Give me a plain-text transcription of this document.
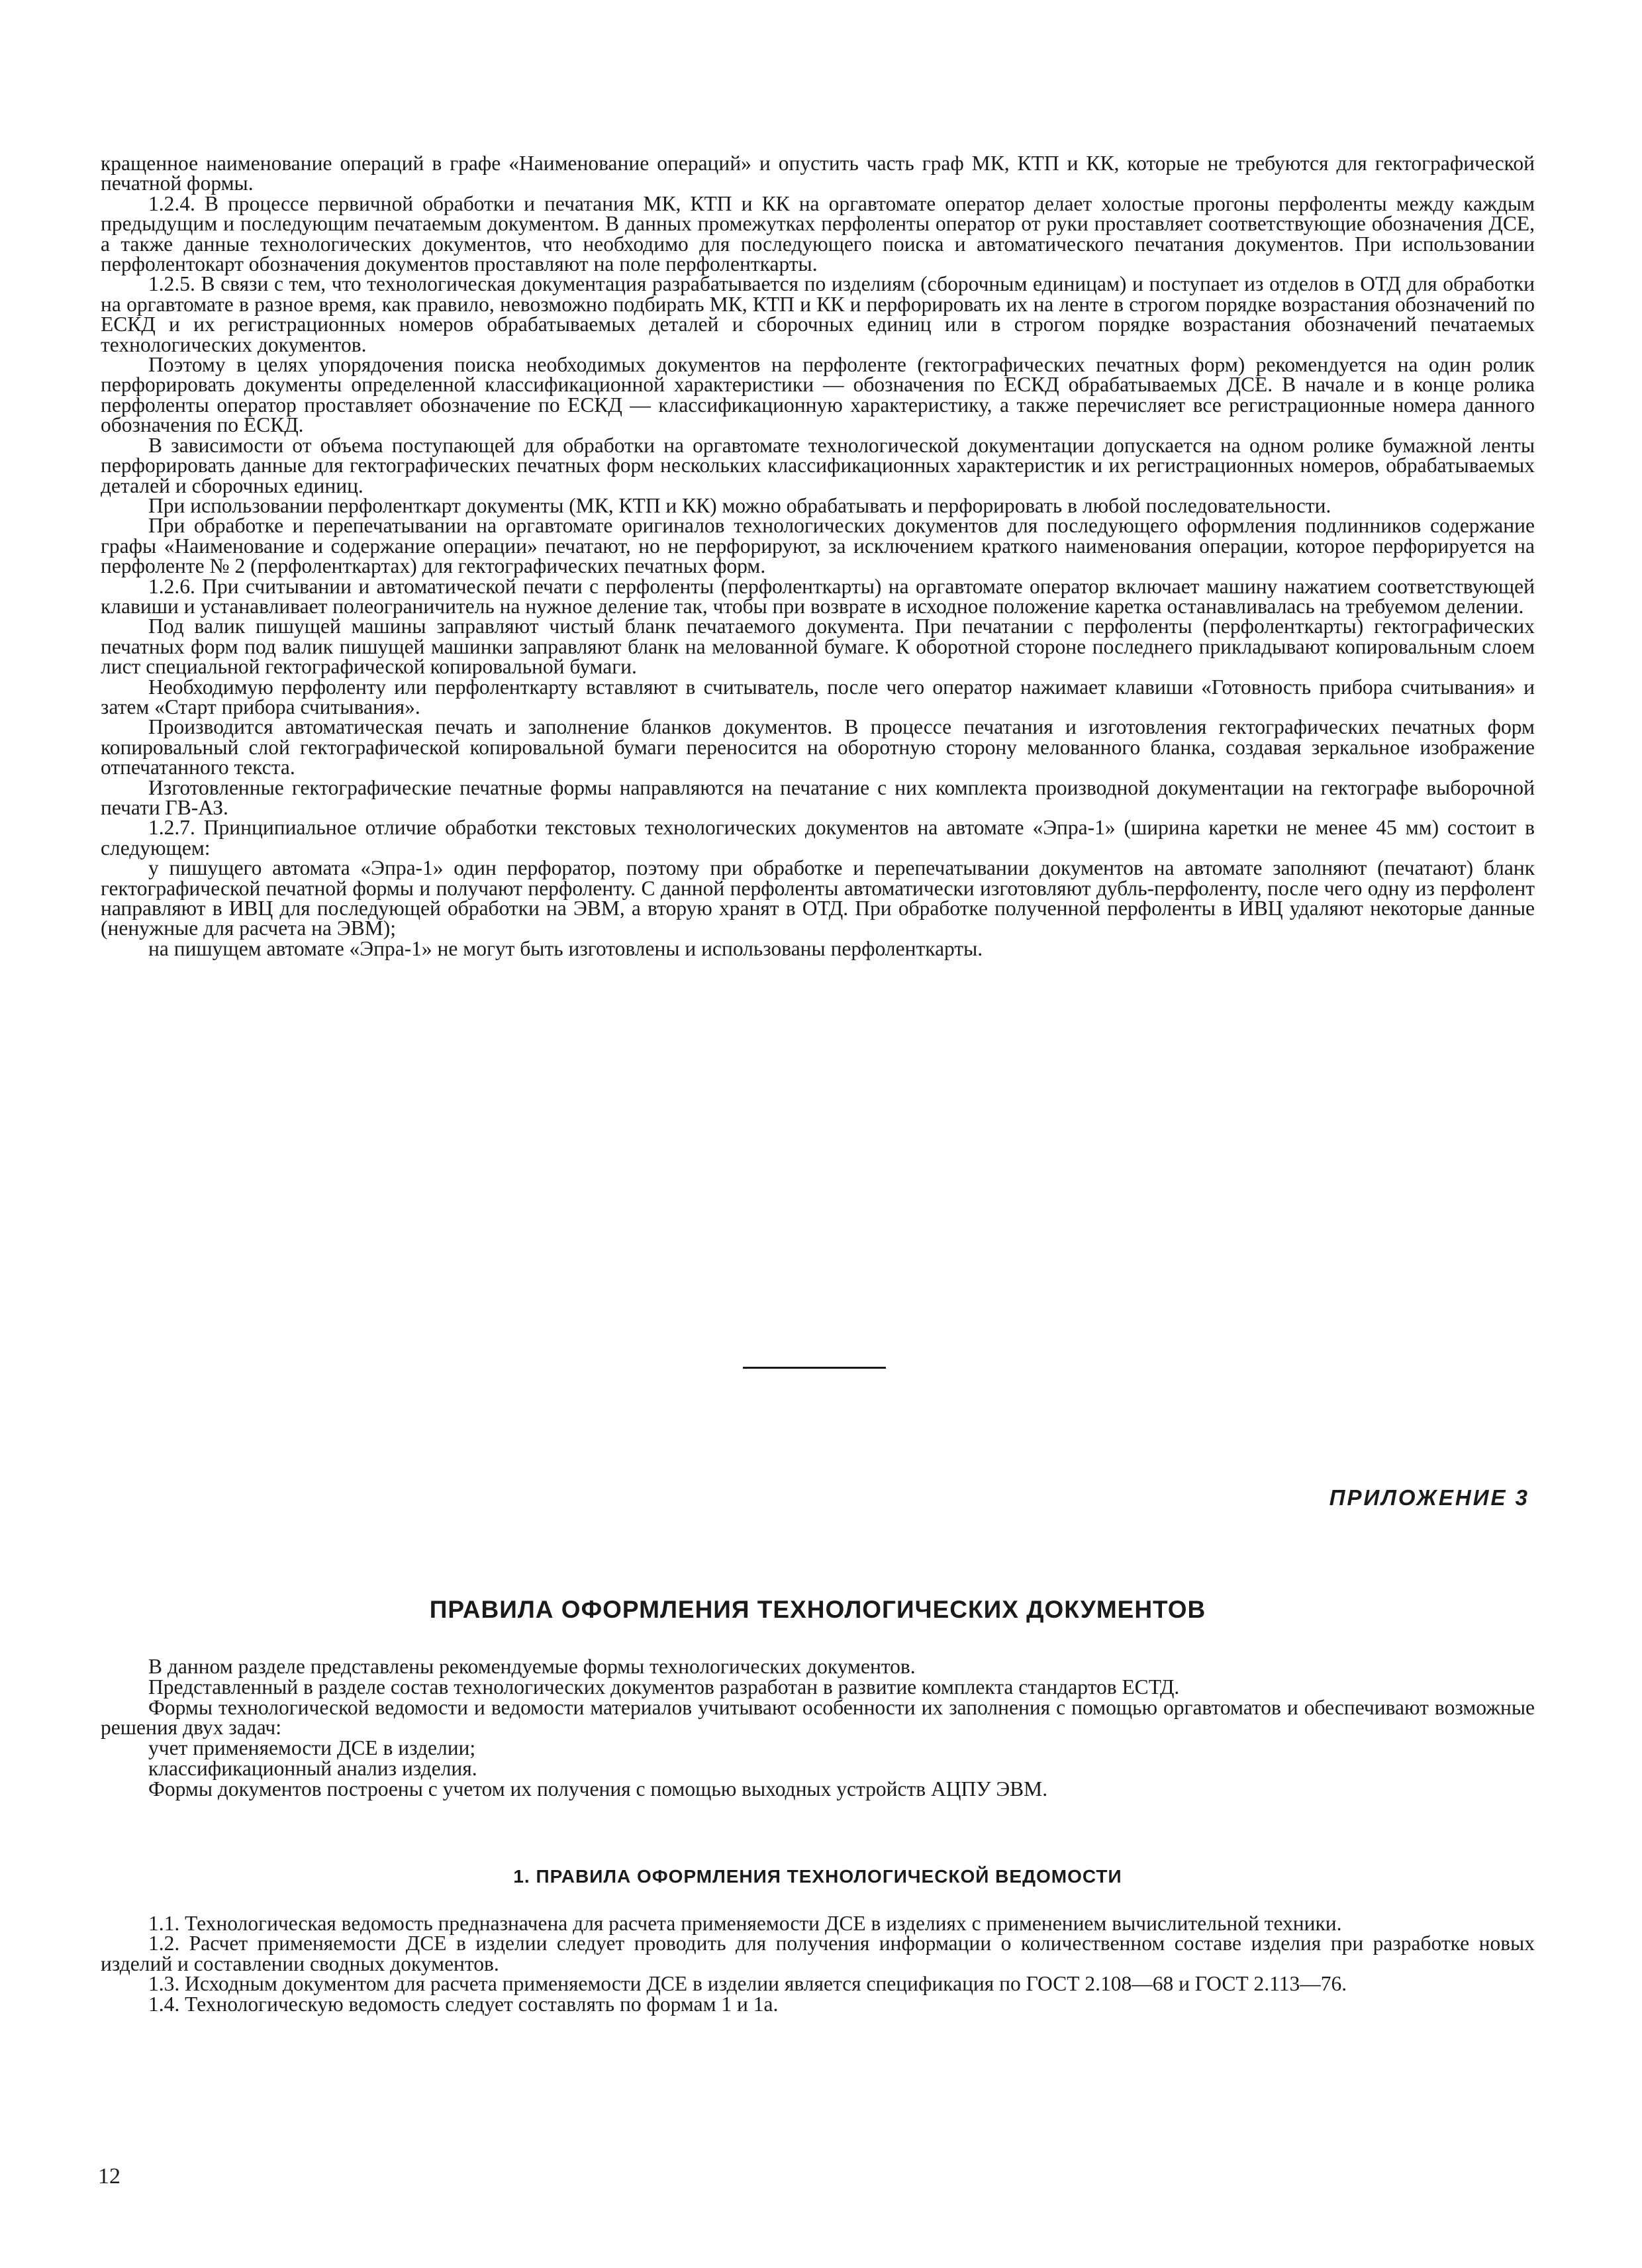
кращенное наименование операций в графе «Наименование операций» и опустить часть граф МК, КТП и КК, которые не требуются для гектографической печатной формы.

1.2.4. В процессе первичной обработки и печатания МК, КТП и КК на оргавтомате оператор делает холостые прогоны перфоленты между каждым предыдущим и последующим печатаемым документом. В данных промежутках перфоленты оператор от руки проставляет соответствующие обозначения ДСЕ, а также данные технологических документов, что необходимо для последующего поиска и автоматического печатания документов. При использовании перфолентокарт обозначения документов проставляют на поле перфоленткарты.

1.2.5. В связи с тем, что технологическая документация разрабатывается по изделиям (сборочным единицам) и поступает из отделов в ОТД для обработки на оргавтомате в разное время, как правило, невозможно подбирать МК, КТП и КК и перфорировать их на ленте в строгом порядке возрастания обозначений по ЕСКД и их регистрационных номеров обрабатываемых деталей и сборочных единиц или в строгом порядке возрастания обозначений печатаемых технологических документов.

Поэтому в целях упорядочения поиска необходимых документов на перфоленте (гектографических печатных форм) рекомендуется на один ролик перфорировать документы определенной классификационной характеристики — обозначения по ЕСКД обрабатываемых ДСЕ. В начале и в конце ролика перфоленты оператор проставляет обозначение по ЕСКД — классификационную характеристику, а также перечисляет все регистрационные номера данного обозначения по ЕСКД.

В зависимости от объема поступающей для обработки на оргавтомате технологической документации допускается на одном ролике бумажной ленты перфорировать данные для гектографических печатных форм нескольких классификационных характеристик и их регистрационных номеров, обрабатываемых деталей и сборочных единиц.

При использовании перфоленткарт документы (МК, КТП и КК) можно обрабатывать и перфорировать в любой последовательности.

При обработке и перепечатывании на оргавтомате оригиналов технологических документов для последующего оформления подлинников содержание графы «Наименование и содержание операции» печатают, но не перфорируют, за исключением краткого наименования операции, которое перфорируется на перфоленте № 2 (перфоленткартах) для гектографических печатных форм.

1.2.6. При считывании и автоматической печати с перфоленты (перфоленткарты) на оргавтомате оператор включает машину нажатием соответствующей клавиши и устанавливает полеограничитель на нужное деление так, чтобы при возврате в исходное положение каретка останавливалась на требуемом делении.

Под валик пишущей машины заправляют чистый бланк печатаемого документа. При печатании с перфоленты (перфоленткарты) гектографических печатных форм под валик пишущей машинки заправляют бланк на мелованной бумаге. К оборотной стороне последнего прикладывают копировальным слоем лист специальной гектографической копировальной бумаги.

Необходимую перфоленту или перфоленткарту вставляют в считыватель, после чего оператор нажимает клавиши «Готовность прибора считывания» и затем «Старт прибора считывания».

Производится автоматическая печать и заполнение бланков документов. В процессе печатания и изготовления гектографических печатных форм копировальный слой гектографической копировальной бумаги переносится на оборотную сторону мелованного бланка, создавая зеркальное изображение отпечатанного текста.

Изготовленные гектографические печатные формы направляются на печатание с них комплекта производной документации на гектографе выборочной печати ГВ-АЗ.

1.2.7. Принципиальное отличие обработки текстовых технологических документов на автомате «Эпра-1» (ширина каретки не менее 45 мм) состоит в следующем:

у пишущего автомата «Эпра-1» один перфоратор, поэтому при обработке и перепечатывании документов на автомате заполняют (печатают) бланк гектографической печатной формы и получают перфоленту. С данной перфоленты автоматически изготовляют дубль-перфоленту, после чего одну из перфолент направляют в ИВЦ для последующей обработки на ЭВМ, а вторую хранят в ОТД. При обработке полученной перфоленты в ИВЦ удаляют некоторые данные (ненужные для расчета на ЭВМ);

на пишущем автомате «Эпра-1» не могут быть изготовлены и использованы перфоленткарты.

ПРИЛОЖЕНИЕ 3
ПРАВИЛА ОФОРМЛЕНИЯ ТЕХНОЛОГИЧЕСКИХ ДОКУМЕНТОВ

В данном разделе представлены рекомендуемые формы технологических документов.

Представленный в разделе состав технологических документов разработан в развитие комплекта стандартов ЕСТД.

Формы технологической ведомости и ведомости материалов учитывают особенности их заполнения с помощью оргавтоматов и обеспечивают возможные решения двух задач:

учет применяемости ДСЕ в изделии;

классификационный анализ изделия.

Формы документов построены с учетом их получения с помощью выходных устройств АЦПУ ЭВМ.

1. ПРАВИЛА ОФОРМЛЕНИЯ ТЕХНОЛОГИЧЕСКОЙ ВЕДОМОСТИ

1.1. Технологическая ведомость предназначена для расчета применяемости ДСЕ в изделиях с применением вычислительной техники.

1.2. Расчет применяемости ДСЕ в изделии следует проводить для получения информации о количественном составе изделия при разработке новых изделий и составлении сводных документов.

1.3. Исходным документом для расчета применяемости ДСЕ в изделии является спецификация по ГОСТ 2.108—68 и ГОСТ 2.113—76.

1.4. Технологическую ведомость следует составлять по формам 1 и 1а.

12
